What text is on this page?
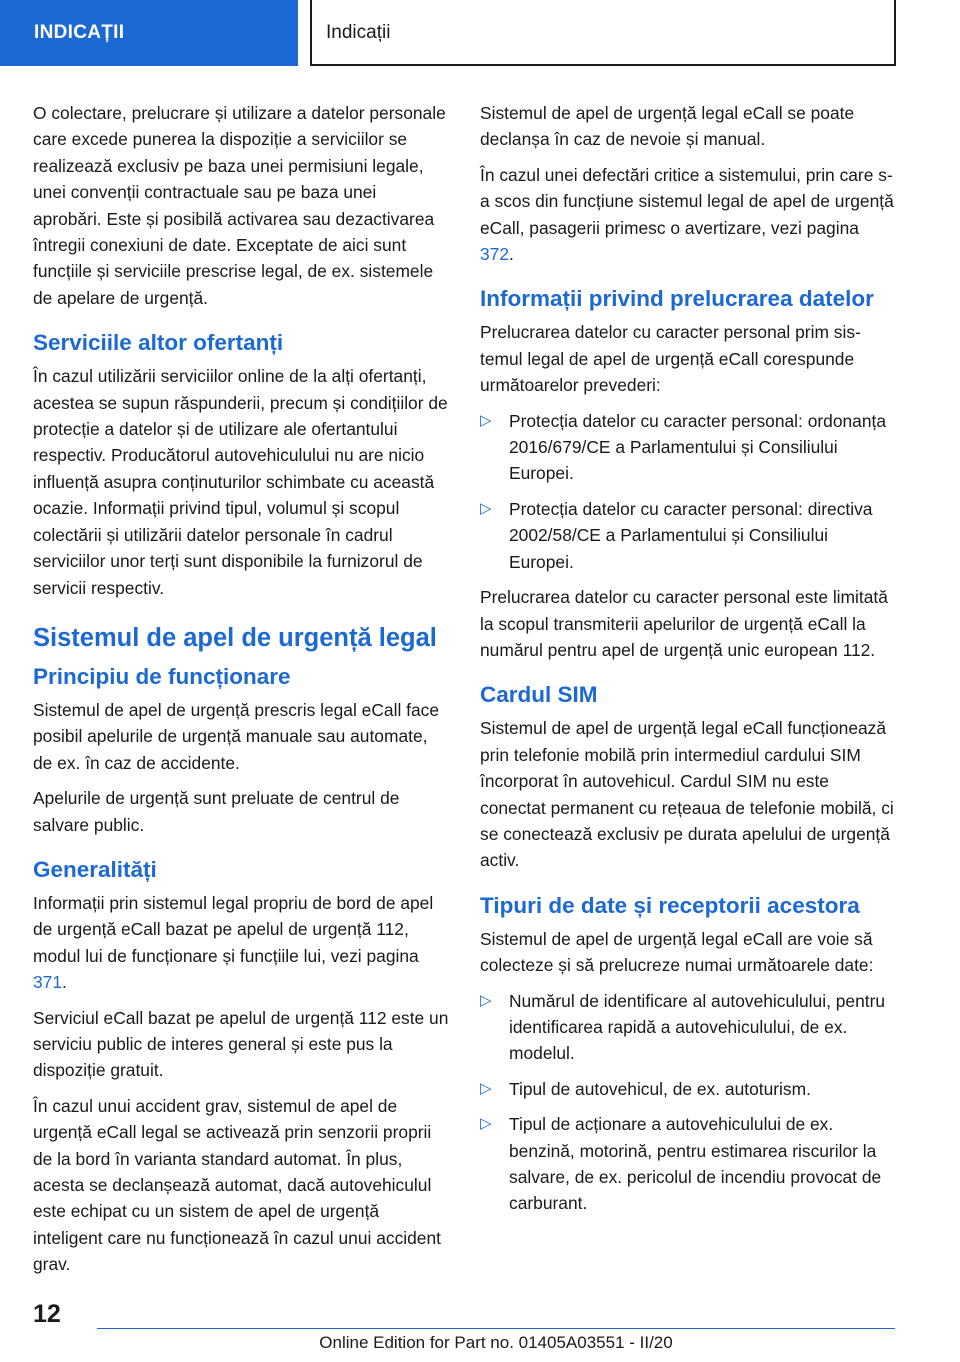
INDICAȚII	Indicații

O colectare, prelucrare și utilizare a datelor personale care excede punerea la dispoziție a serviciilor se realizează exclusiv pe baza unei permisiuni legale, unei convenții contractuale sau pe baza unei aprobări. Este și posibilă activarea sau dezactivarea întregii conexiuni de date. Exceptate de aici sunt funcțiile și serviciile prescrise legal, de ex. sistemele de apelare de urgență.

Serviciile altor ofertanți

În cazul utilizării serviciilor online de la alți ofertanți, acestea se supun răspunderii, precum și condițiilor de protecție a datelor și de utilizare ale ofertantului respectiv. Producătorul autovehiculului nu are nicio influență asupra conținuturilor schimbate cu această ocazie. Informații privind tipul, volumul și scopul colectării și utilizării datelor personale în cadrul serviciilor unor terți sunt disponibile la furnizorul de servicii respectiv.

Sistemul de apel de urgență legal
Principiu de funcționare

Sistemul de apel de urgență prescris legal eCall face posibil apelurile de urgență manuale sau automate, de ex. în caz de accidente.

Apelurile de urgență sunt preluate de centrul de salvare public.

Generalități

Informații prin sistemul legal propriu de bord de apel de urgență eCall bazat pe apelul de urgență 112, modul lui de funcționare și funcțiile lui, vezi pagina 371.

Serviciul eCall bazat pe apelul de urgență 112 este un serviciu public de interes general și este pus la dispoziție gratuit.

În cazul unui accident grav, sistemul de apel de urgență eCall legal se activează prin senzorii proprii de la bord în varianta standard automat. În plus, acesta se declanșează automat, dacă autovehiculul este echipat cu un sistem de apel de urgență inteligent care nu funcționează în cazul unui accident grav.

Sistemul de apel de urgență legal eCall se poate declanșa în caz de nevoie și manual.

În cazul unei defectări critice a sistemului, prin care s-a scos din funcțiune sistemul legal de apel de urgență eCall, pasagerii primesc o avertizare, vezi pagina 372.

Informații privind prelucrarea datelor

Prelucrarea datelor cu caracter personal prim sistemul legal de apel de urgență eCall corespunde următoarelor prevederi:

▷ Protecția datelor cu caracter personal: ordonanța 2016/679/CE a Parlamentului și Consiliului Europei.
▷ Protecția datelor cu caracter personal: directiva 2002/58/CE a Parlamentului și Consiliului Europei.

Prelucrarea datelor cu caracter personal este limitată la scopul transmiterii apelurilor de urgență eCall la numărul pentru apel de urgență unic european 112.

Cardul SIM

Sistemul de apel de urgență legal eCall funcționează prin telefonie mobilă prin intermediul cardului SIM încorporat în autovehicul. Cardul SIM nu este conectat permanent cu rețeaua de telefonie mobilă, ci se conectează exclusiv pe durata apelului de urgență activ.

Tipuri de date și receptorii acestora

Sistemul de apel de urgență legal eCall are voie să colecteze și să prelucreze numai următoarele date:

▷ Numărul de identificare al autovehiculului, pentru identificarea rapidă a autovehiculului, de ex. modelul.
▷ Tipul de autovehicul, de ex. autoturism.
▷ Tipul de acționare a autovehiculului de ex. benzină, motorină, pentru estimarea riscurilor la salvare, de ex. pericolul de incendiu provocat de carburant.
12
Online Edition for Part no. 01405A03551 - II/20
